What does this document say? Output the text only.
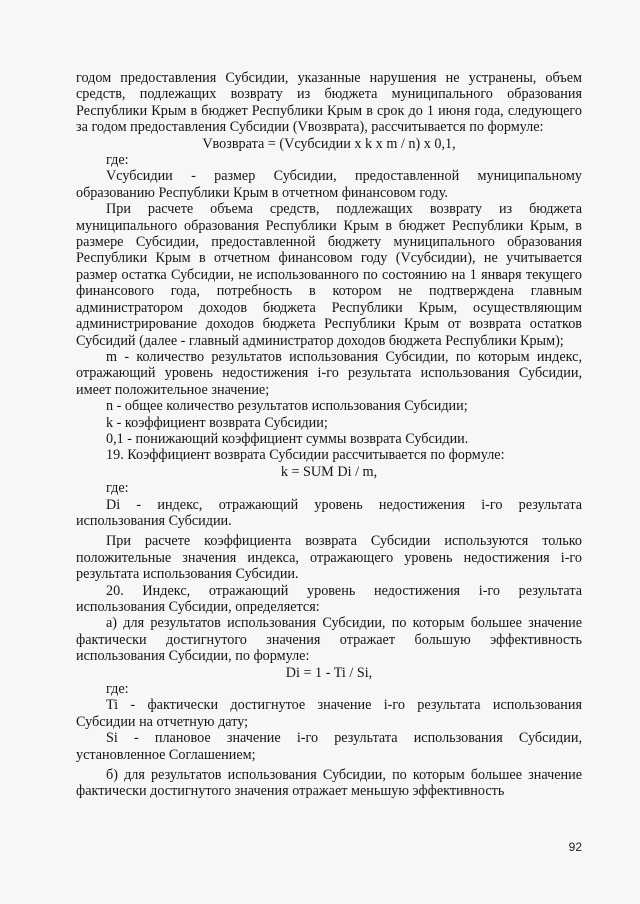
годом предоставления Субсидии, указанные нарушения не устранены, объем средств, подлежащих возврату из бюджета муниципального образования Республики Крым в бюджет Республики Крым в срок до 1 июня года, следующего за годом предоставления Субсидии (Vвозврата), рассчитывается по формуле:

Vвозврата = (Vсубсидии x k x m / n) x 0,1,

где:

Vсубсидии - размер Субсидии, предоставленной муниципальному образованию Республики Крым в отчетном финансовом году.

При расчете объема средств, подлежащих возврату из бюджета муниципального образования Республики Крым в бюджет Республики Крым, в размере Субсидии, предоставленной бюджету муниципального образования Республики Крым в отчетном финансовом году (Vсубсидии), не учитывается размер остатка Субсидии, не использованного по состоянию на 1 января текущего финансового года, потребность в котором не подтверждена главным администратором доходов бюджета Республики Крым, осуществляющим администрирование доходов бюджета Республики Крым от возврата остатков Субсидий (далее - главный администратор доходов бюджета Республики Крым);

m - количество результатов использования Субсидии, по которым индекс, отражающий уровень недостижения i-го результата использования Субсидии, имеет положительное значение;

n - общее количество результатов использования Субсидии;

k - коэффициент возврата Субсидии;

0,1 - понижающий коэффициент суммы возврата Субсидии.

19. Коэффициент возврата Субсидии рассчитывается по формуле:

k = SUM Di / m,

где:

Di - индекс, отражающий уровень недостижения i-го результата использования Субсидии.

При расчете коэффициента возврата Субсидии используются только положительные значения индекса, отражающего уровень недостижения i-го результата использования Субсидии.

20. Индекс, отражающий уровень недостижения i-го результата использования Субсидии, определяется:

а) для результатов использования Субсидии, по которым большее значение фактически достигнутого значения отражает большую эффективность использования Субсидии, по формуле:

Di = 1 - Ti / Si,

где:

Ti - фактически достигнутое значение i-го результата использования Субсидии на отчетную дату;

Si - плановое значение i-го результата использования Субсидии, установленное Соглашением;

б) для результатов использования Субсидии, по которым большее значение фактически достигнутого значения отражает меньшую эффективность

92
